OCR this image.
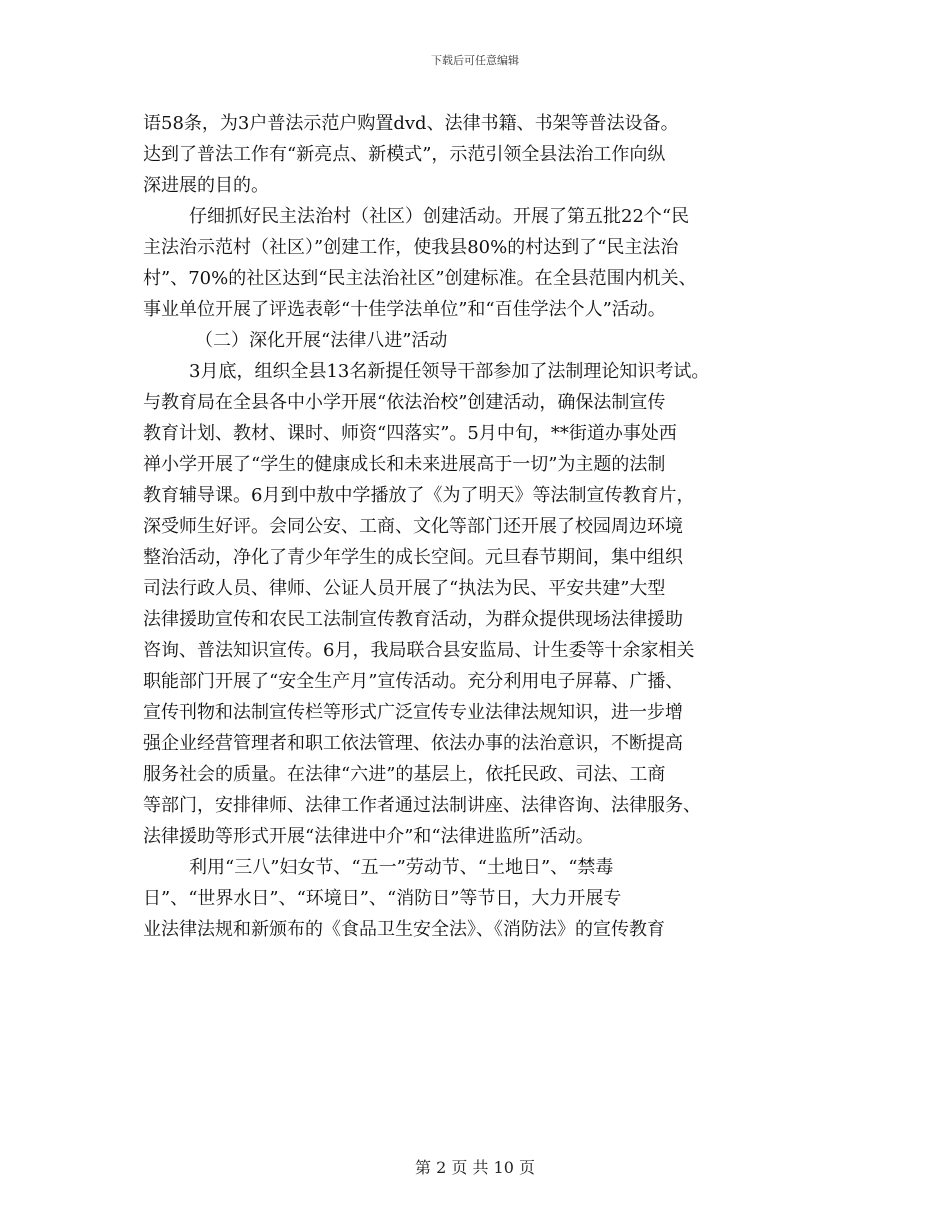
下载后可任意编辑
语58条，为3户普法示范户购置dvd、法律书籍、书架等普法设备。
达到了普法工作有“新亮点、新模式”，示范引领全县法治工作向纵
深进展的目的。
仔细抓好民主法治村（社区）创建活动。开展了第五批22个“民
主法治示范村（社区）”创建工作，使我县80%的村达到了“民主法治
村”、70%的社区达到“民主法治社区”创建标准。在全县范围内机关、
事业单位开展了评选表彰“十佳学法单位”和“百佳学法个人”活动。
（二）深化开展“法律八进”活动
3月底，组织全县13名新提任领导干部参加了法制理论知识考试。
与教育局在全县各中小学开展“依法治校”创建活动，确保法制宣传
教育计划、教材、课时、师资“四落实”。5月中旬，**街道办事处西
禅小学开展了“学生的健康成长和未来进展高于一切”为主题的法制
教育辅导课。6月到中敖中学播放了《为了明天》等法制宣传教育片，
深受师生好评。会同公安、工商、文化等部门还开展了校园周边环境
整治活动，净化了青少年学生的成长空间。元旦春节期间，集中组织
司法行政人员、律师、公证人员开展了“执法为民、平安共建”大型
法律援助宣传和农民工法制宣传教育活动，为群众提供现场法律援助
咨询、普法知识宣传。6月，我局联合县安监局、计生委等十余家相关
职能部门开展了“安全生产月”宣传活动。充分利用电子屏幕、广播、
宣传刊物和法制宣传栏等形式广泛宣传专业法律法规知识，进一步增
强企业经营管理者和职工依法管理、依法办事的法治意识，不断提高
服务社会的质量。在法律“六进”的基层上，依托民政、司法、工商
等部门，安排律师、法律工作者通过法制讲座、法律咨询、法律服务、
法律援助等形式开展“法律进中介”和“法律进监所”活动。
利用“三八”妇女节、“五一”劳动节、“土地日”、“禁毒
日”、“世界水日”、“环境日”、“消防日”等节日，大力开展专
业法律法规和新颁布的《食品卫生安全法》、《消防法》的宣传教育
第 2 页 共 10 页
